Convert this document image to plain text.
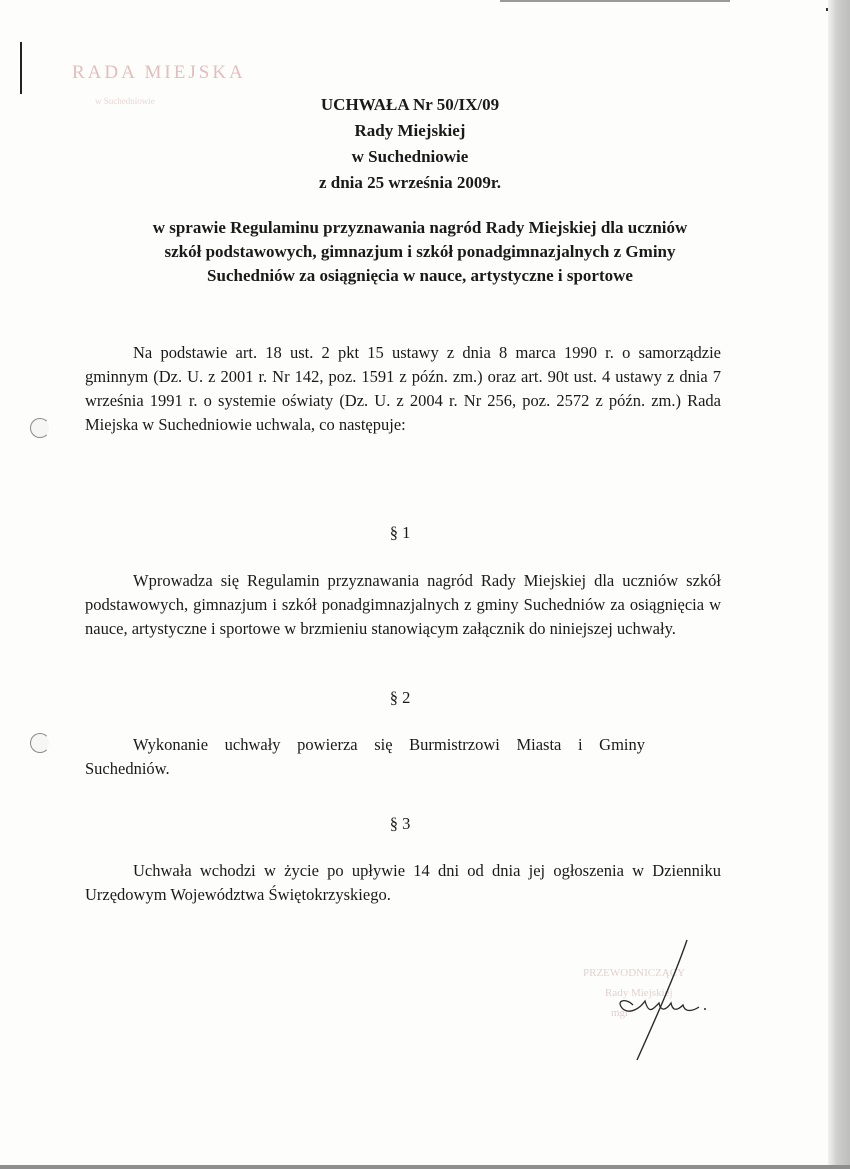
RADA MIEJSKA
w Suchedniowie	UCHWAŁA Nr 50/IX/09
Rady Miejskiej
w Suchedniowie
z dnia 25 września 2009r.
w sprawie Regulaminu przyznawania nagród Rady Miejskiej dla uczniów
szkół podstawowych, gimnazjum i szkół ponadgimnazjalnych z Gminy
Suchedniów za osiągnięcia w nauce, artystyczne i sportowe
Na podstawie art. 18 ust. 2 pkt 15 ustawy z dnia 8 marca 1990 r. o samorządzie gminnym (Dz. U. z 2001 r. Nr 142, poz. 1591 z późn. zm.) oraz art. 90t ust. 4 ustawy z dnia 7 września 1991 r. o systemie oświaty (Dz. U. z 2004 r. Nr 256, poz. 2572 z późn. zm.) Rada Miejska w Suchedniowie uchwala, co następuje:
§ 1
Wprowadza się Regulamin przyznawania nagród Rady Miejskiej dla uczniów szkół podstawowych, gimnazjum i szkół ponadgimnazjalnych z gminy Suchedniów za osiągnięcia w nauce, artystyczne i sportowe w brzmieniu stanowiącym załącznik do niniejszej uchwały.
§ 2
Wykonanie uchwały powierza się Burmistrzowi Miasta i Gminy Suchedniów.
§ 3
Uchwała wchodzi w życie po upływie 14 dni od dnia jej ogłoszenia w Dzienniku Urzędowym Województwa Świętokrzyskiego.
PRZEWODNICZĄCY
Rady Miejskiej
mgr
